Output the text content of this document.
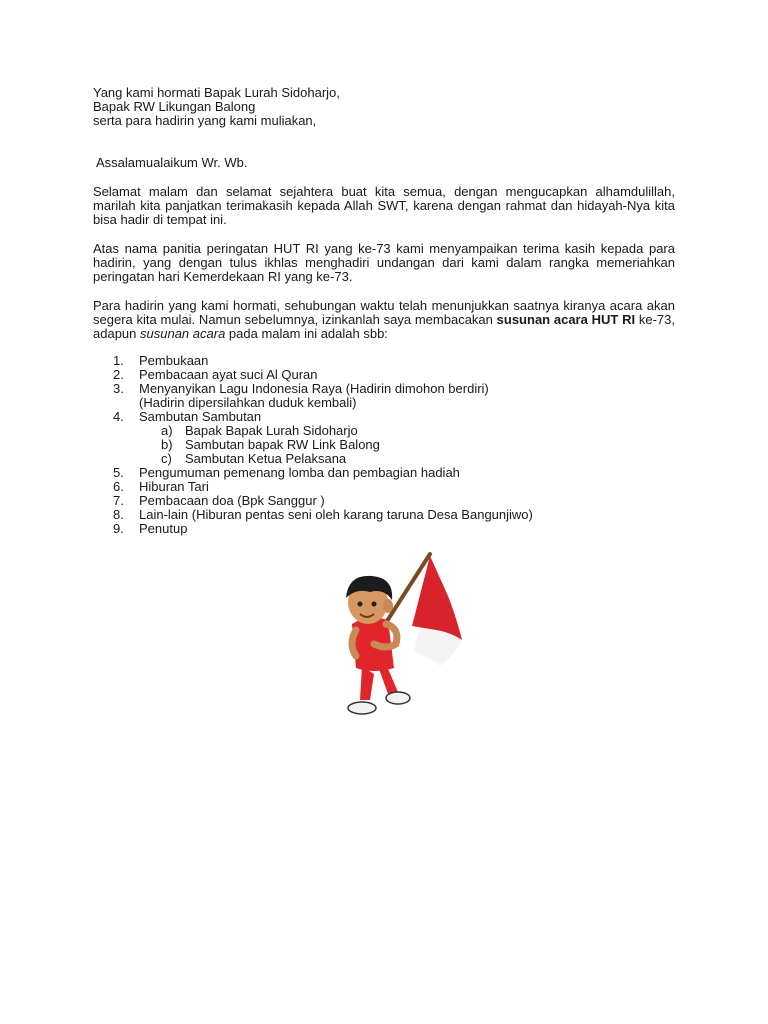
Yang kami hormati Bapak Lurah Sidoharjo,
Bapak RW Likungan Balong
serta para hadirin yang kami muliakan,
Assalamualaikum Wr. Wb.

Selamat malam dan selamat sejahtera buat kita semua, dengan mengucapkan alhamdulillah, marilah kita panjatkan terimakasih kepada Allah SWT, karena dengan rahmat dan hidayah-Nya kita bisa hadir di tempat ini.

Atas nama panitia peringatan HUT RI yang ke-73 kami menyampaikan terima kasih kepada para hadirin, yang dengan tulus ikhlas menghadiri undangan dari kami dalam rangka memeriahkan peringatan hari Kemerdekaan RI yang ke-73.

Para hadirin yang kami hormati, sehubungan waktu telah menunjukkan saatnya kiranya acara akan segera kita mulai. Namun sebelumnya, izinkanlah saya membacakan susunan acara HUT RI ke-73, adapun susunan acara pada malam ini adalah sbb:

1. Pembukaan
2. Pembacaan ayat suci Al Quran
3. Menyanyikan Lagu Indonesia Raya (Hadirin dimohon berdiri)
(Hadirin dipersilahkan duduk kembali)
4. Sambutan Sambutan
a) Bapak Bapak Lurah Sidoharjo
b) Sambutan bapak RW Link Balong
c) Sambutan Ketua Pelaksana
5. Pengumuman pemenang lomba dan pembagian hadiah
6. Hiburan Tari
7. Pembacaan doa (Bpk Sanggur )
8. Lain-lain (Hiburan pentas seni oleh karang taruna Desa Bangunjiwo)
9. Penutup
